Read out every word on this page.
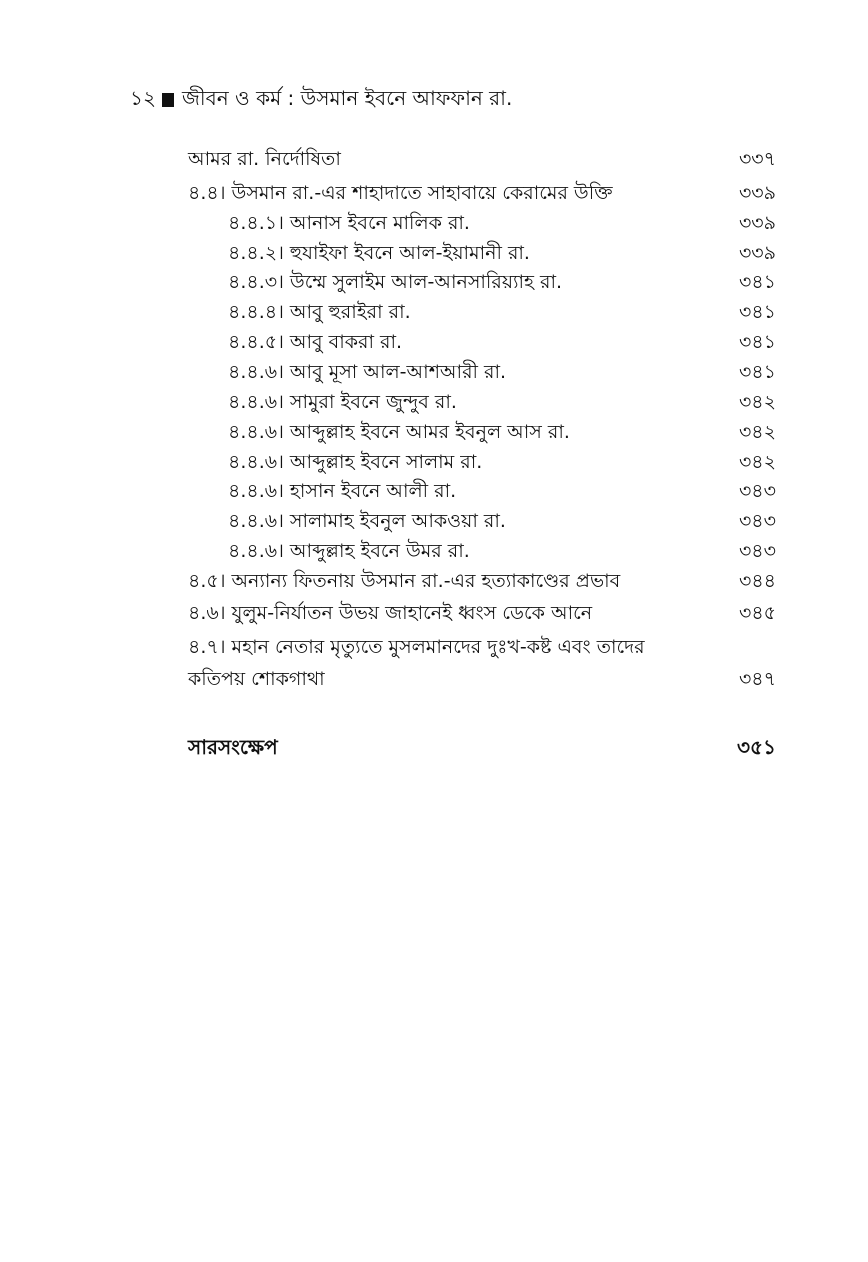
১২ জীবন ও কর্ম : উসমান ইবনে আফফান রা.
আমর রা. নির্দোষিতা	৩৩৭
৪.৪। উসমান রা.-এর শাহাদাতে সাহাবায়ে কেরামের উক্তি	৩৩৯
৪.৪.১। আনাস ইবনে মালিক রা.	৩৩৯
৪.৪.২। হুযাইফা ইবনে আল-ইয়ামানী রা.	৩৩৯
৪.৪.৩। উম্মে সুলাইম আল-আনসারিয়্যাহ রা.	৩৪১
৪.৪.৪। আবু হুরাইরা রা.	৩৪১
৪.৪.৫। আবু বাকরা রা.	৩৪১
৪.৪.৬। আবু মূসা আল-আশআরী রা.	৩৪১
৪.৪.৬। সামুরা ইবনে জুন্দুব রা.	৩৪২
৪.৪.৬। আব্দুল্লাহ ইবনে আমর ইবনুল আস রা.	৩৪২
৪.৪.৬। আব্দুল্লাহ ইবনে সালাম রা.	৩৪২
৪.৪.৬। হাসান ইবনে আলী রা.	৩৪৩
৪.৪.৬। সালামাহ ইবনুল আকওয়া রা.	৩৪৩
৪.৪.৬। আব্দুল্লাহ ইবনে উমর রা.	৩৪৩
৪.৫। অন্যান্য ফিতনায় উসমান রা.-এর হত্যাকাণ্ডের প্রভাব	৩৪৪
৪.৬। যুলুম-নির্যাতন উভয় জাহানেই ধ্বংস ডেকে আনে	৩৪৫
৪.৭। মহান নেতার মৃত্যুতে মুসলমানদের দুঃখ-কষ্ট এবং তাদের
কতিপয় শোকগাথা	৩৪৭
সারসংক্ষেপ	৩৫১
